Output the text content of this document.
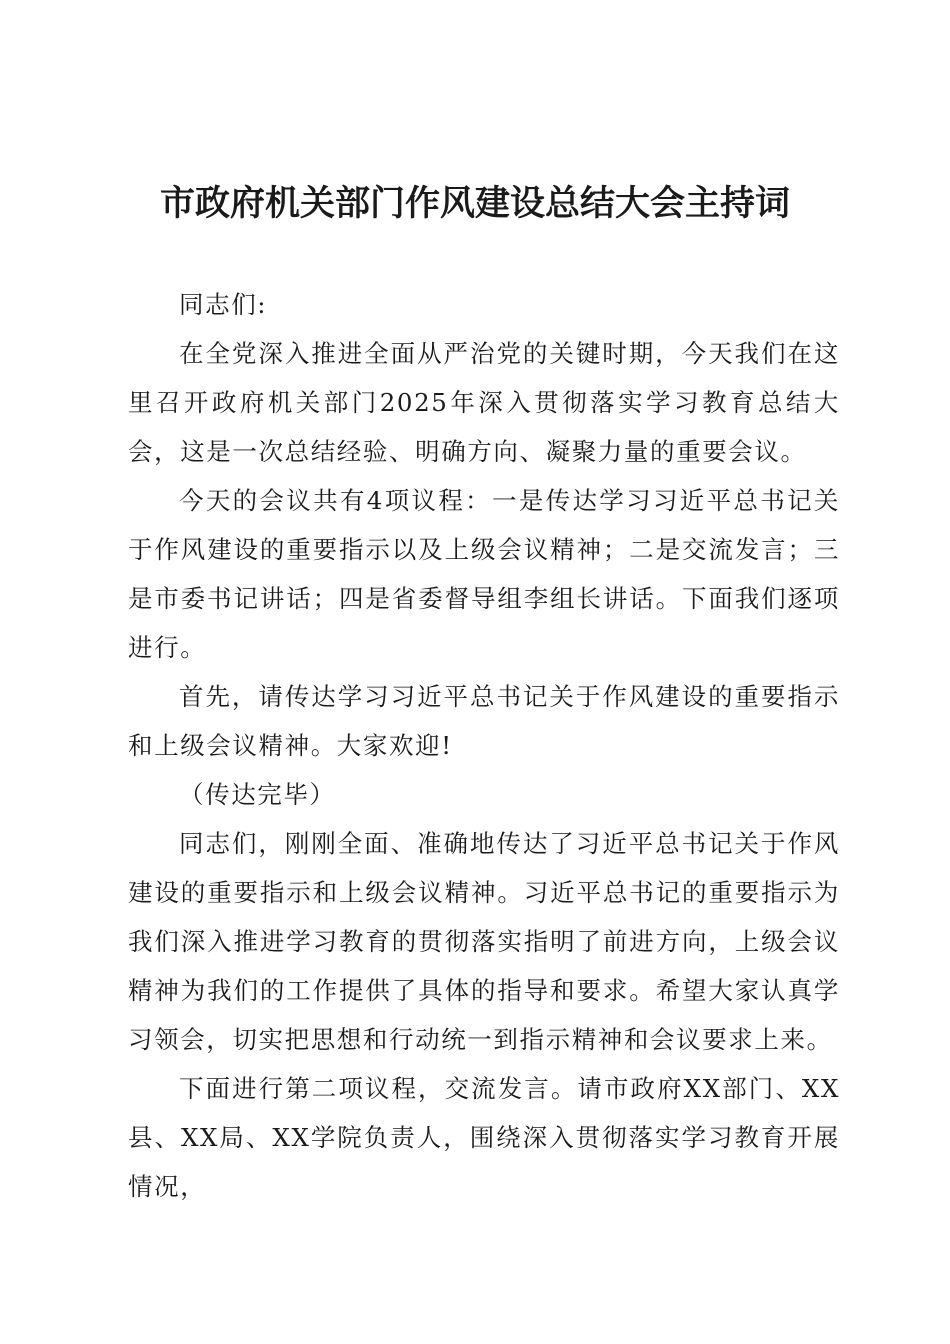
市政府机关部门作风建设总结大会主持词

同志们:

在全党深入推进全面从严治党的关键时期，今天我们在这里召开政府机关部门2025年深入贯彻落实学习教育总结大会，这是一次总结经验、明确方向、凝聚力量的重要会议。

今天的会议共有4项议程：一是传达学习习近平总书记关于作风建设的重要指示以及上级会议精神；二是交流发言；三是市委书记讲话；四是省委督导组李组长讲话。下面我们逐项进行。

首先，请传达学习习近平总书记关于作风建设的重要指示和上级会议精神。大家欢迎!

（传达完毕）

同志们，刚刚全面、准确地传达了习近平总书记关于作风建设的重要指示和上级会议精神。习近平总书记的重要指示为我们深入推进学习教育的贯彻落实指明了前进方向，上级会议精神为我们的工作提供了具体的指导和要求。希望大家认真学习领会，切实把思想和行动统一到指示精神和会议要求上来。

下面进行第二项议程，交流发言。请市政府XX部门、XX县、XX局、XX学院负责人，围绕深入贯彻落实学习教育开展情况，
